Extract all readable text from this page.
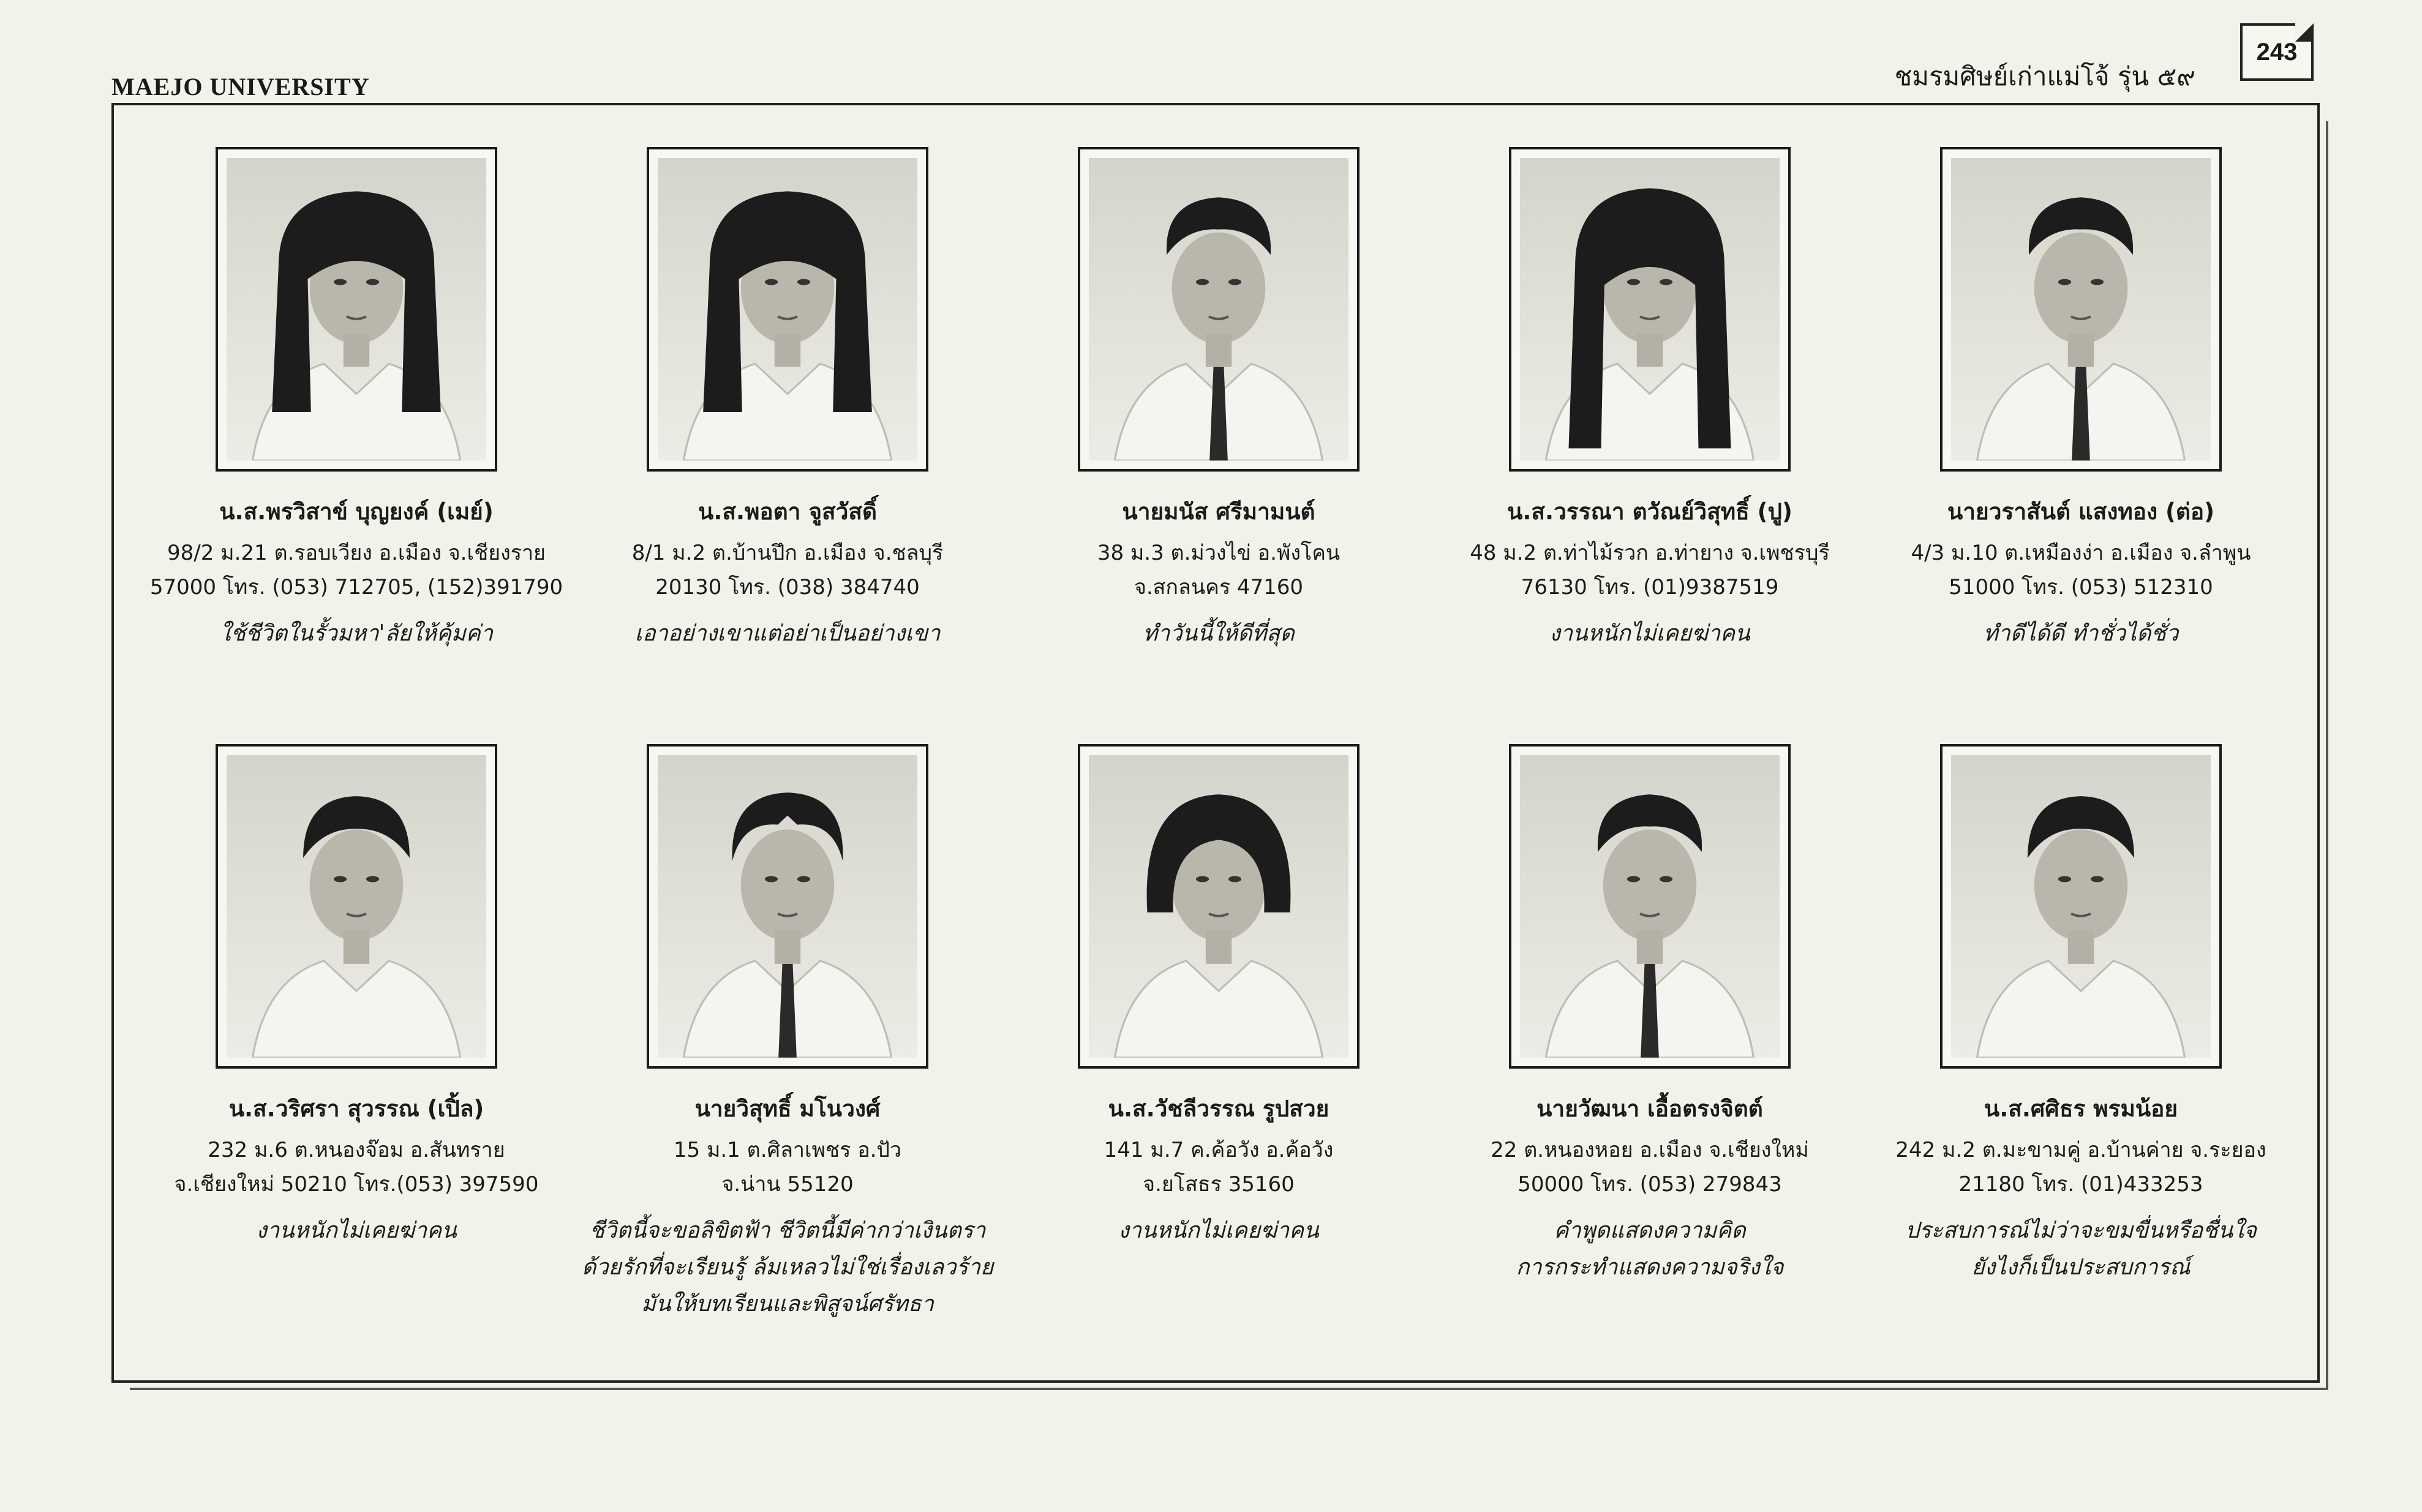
MAEJO UNIVERSITY	ชมรมศิษย์เก่าแม่โจ้ รุ่น ๕๙
243
น.ส.พรวิสาข์ บุญยงค์ (เมย์)
98/2 ม.21 ต.รอบเวียง อ.เมือง จ.เชียงราย
57000 โทร. (053) 712705, (152)391790
ใช้ชีวิตในรั้วมหา'ลัยให้คุ้มค่า
น.ส.พอตา จูสวัสดิ์
8/1 ม.2 ต.บ้านปึก อ.เมือง จ.ชลบุรี
20130 โทร. (038) 384740
เอาอย่างเขาแต่อย่าเป็นอย่างเขา
นายมนัส ศรีมามนต์
38 ม.3 ต.ม่วงไข่ อ.พังโคน
จ.สกลนคร 47160
ทำวันนี้ให้ดีที่สุด
น.ส.วรรณา ตวัณย์วิสุทธิ์ (ปู)
48 ม.2 ต.ท่าไม้รวก อ.ท่ายาง จ.เพชรบุรี
76130 โทร. (01)9387519
งานหนักไม่เคยฆ่าคน
นายวราสันต์ แสงทอง (ต่อ)
4/3 ม.10 ต.เหมืองง่า อ.เมือง จ.ลำพูน
51000 โทร. (053) 512310
ทำดีได้ดี ทำชั่วได้ชั่ว
น.ส.วริศรา สุวรรณ (เปิ้ล)
232 ม.6 ต.หนองจ๊อม อ.สันทราย
จ.เชียงใหม่ 50210 โทร.(053) 397590
งานหนักไม่เคยฆ่าคน
นายวิสุทธิ์ มโนวงศ์
15 ม.1 ต.ศิลาเพชร อ.ปัว
จ.น่าน 55120
ชีวิตนี้จะขอลิขิตฟ้า ชีวิตนี้มีค่ากว่าเงินตรา
ด้วยรักที่จะเรียนรู้ ล้มเหลวไม่ใช่เรื่องเลวร้าย
มันให้บทเรียนและพิสูจน์ศรัทธา
น.ส.วัชลีวรรณ รูปสวย
141 ม.7 ค.ค้อวัง อ.ค้อวัง
จ.ยโสธร 35160
งานหนักไม่เคยฆ่าคน
นายวัฒนา เอื้อตรงจิตต์
22 ต.หนองหอย อ.เมือง จ.เชียงใหม่
50000 โทร. (053) 279843
คำพูดแสดงความคิด
การกระทำแสดงความจริงใจ
น.ส.ศศิธร พรมน้อย
242 ม.2 ต.มะขามคู่ อ.บ้านค่าย จ.ระยอง
21180 โทร. (01)433253
ประสบการณ์ไม่ว่าจะขมขื่นหรือชื่นใจ
ยังไงก็เป็นประสบการณ์
